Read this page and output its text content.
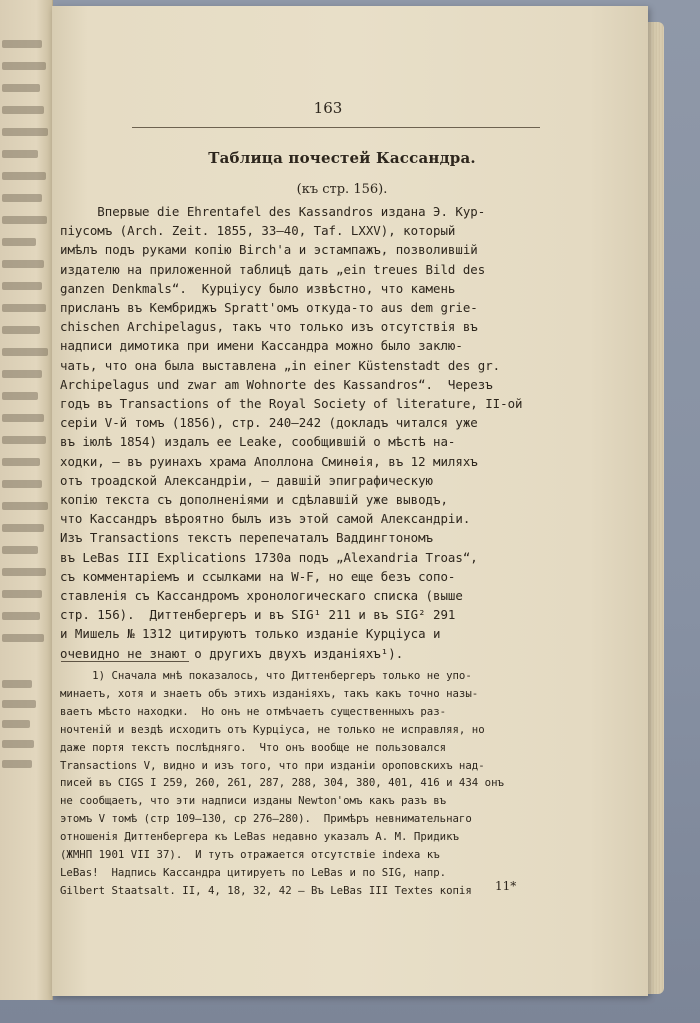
163
Таблица почестей Кассандра.
(къ стр. 156).
Впервые die Ehrentafel des Kassandros издана Э. Кур-
піусомъ (Arch. Zeit. 1855, 33—40, Taf. LXXV), который
имѣлъ подъ руками копію Birch'а и эстампажъ, позволившій
издателю на приложенной таблицѣ дать „ein treues Bild des
ganzen Denkmals“.  Курціусу было извѣстно, что камень
присланъ въ Кембриджъ Spratt'омъ откуда-то aus dem grie-
chischen Archipelagus, такъ что только изъ отсутствія въ
надписи димотика при имени Кассандра можно было заклю-
чать, что она была выставлена „in einer Küstenstadt des gr.
Archipelagus und zwar am Wohnorte des Kassandros“.  Черезъ
годъ въ Transactions of the Royal Society of literature, II-ой
серіи V-й томъ (1856), стр. 240—242 (докладъ читался уже
въ іюлѣ 1854) издалъ ее Leake, сообщившій о мѣстѣ на-
ходки, — въ руинахъ храма Аполлона Сминѳія, въ 12 миляхъ
отъ троадской Александріи, — давшій эпиграфическую
копію текста съ дополненіями и сдѣлавшій уже выводъ,
что Кассандръ вѣроятно былъ изъ этой самой Александріи.
Изъ Transactions текстъ перепечаталъ Ваддингтономъ
въ LeBas III Explications 1730а подъ „Alexandria Troas“,
съ комментаріемъ и ссылками на W-F, но еще безъ сопо-
ставленія съ Кассандромъ хронологическаго списка (выше
стр. 156).  Диттенбергеръ и въ SIG¹ 211 и въ SIG² 291
и Мишель № 1312 цитируютъ только изданіе Курціуса и
очевидно не знают о другихъ двухъ изданіяхъ¹).
1) Сначала мнѣ показалось, что Диттенбергеръ только не упо-
минаетъ, хотя и знаетъ объ этихъ изданіяхъ, такъ какъ точно назы-
ваетъ мѣсто находки.  Но онъ не отмѣчаетъ существенныхъ раз-
ночтеній и вездѣ исходитъ отъ Курціуса, не только не исправляя, но
даже портя текстъ послѣдняго.  Что онъ вообще не пользовался
Transactions V, видно и изъ того, что при изданіи ороповскихъ над-
писей въ CIGS I 259, 260, 261, 287, 288, 304, 380, 401, 416 и 434 онъ
не сообщаетъ, что эти надписи изданы Newton'омъ какъ разъ въ
этомъ V томѣ (стр 109—130, ср 276—280).  Примѣръ невнимательнаго
отношенія Диттенбергера къ LeBas недавно указалъ А. М. Придикъ
(ЖМНП 1901 VII 37).  И тутъ отражается отсутствіе indexа къ
LeBas!  Надпись Кассандра цитируетъ по LeBas и по SIG, напр.
Gilbert Staatsalt. II, 4, 18, 32, 42 — Въ LeBas III Textes копія	11*
